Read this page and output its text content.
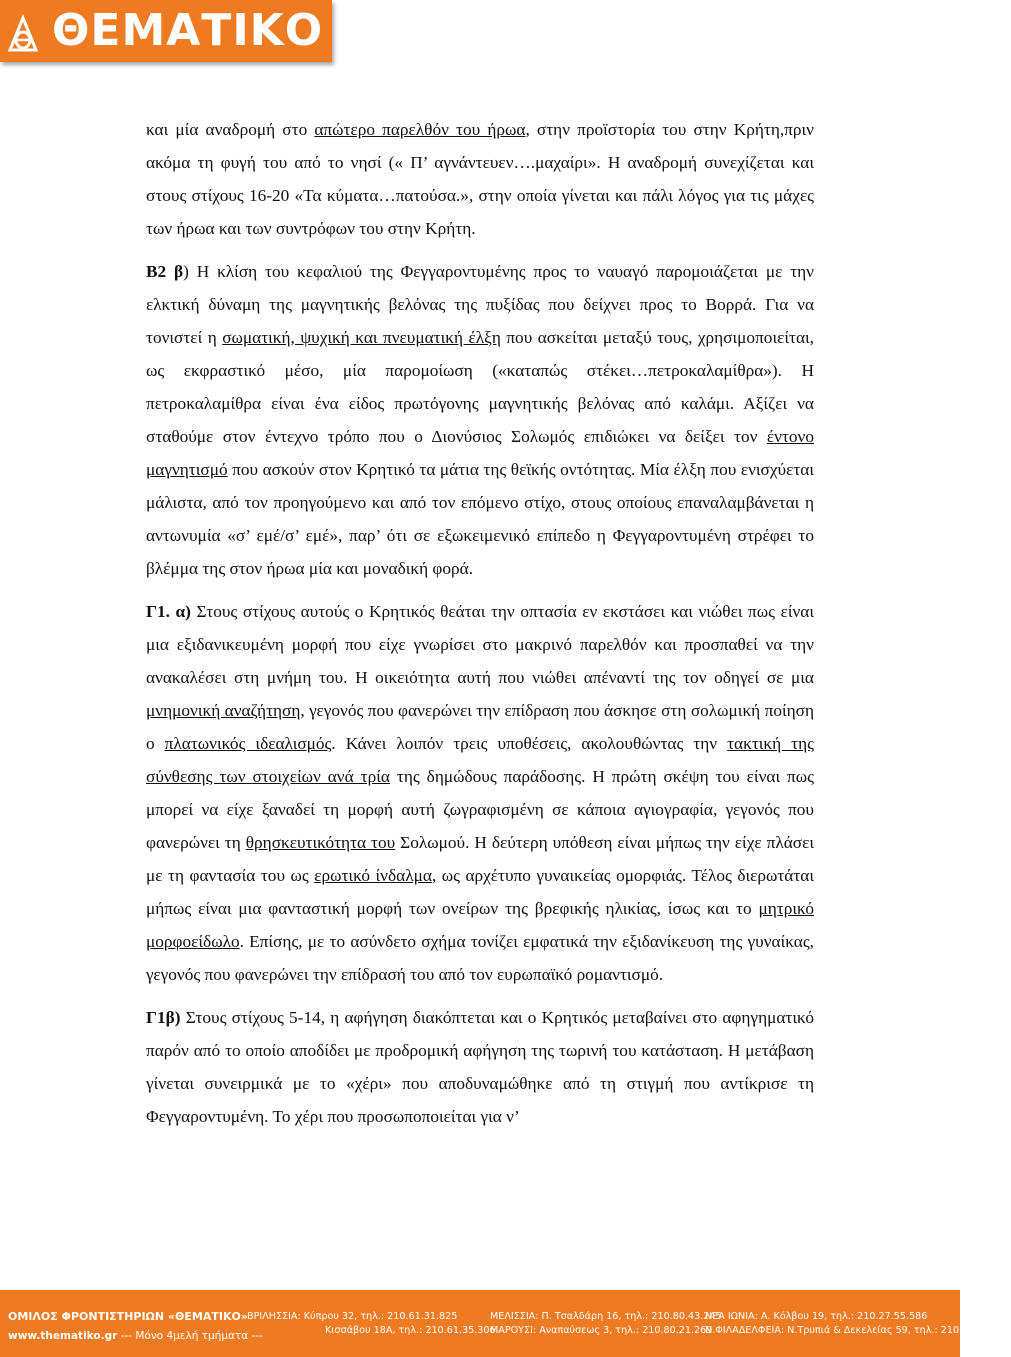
ΘΕΜΑΤΙΚΟ

και μία αναδρομή στο απώτερο παρελθόν του ήρωα, στην προϊστορία του στην Κρήτη,πριν ακόμα τη φυγή του από το νησί (« Π’ αγνάντευεν….μαχαίρι». Η αναδρομή συνεχίζεται και στους στίχους 16-20 «Τα κύματα…πατούσα.», στην οποία γίνεται και πάλι λόγος για τις μάχες των ήρωα και των συντρόφων του στην Κρήτη.

Β2 β) Η κλίση του κεφαλιού της Φεγγαροντυμένης προς το ναυαγό παρομοιάζεται με την ελκτική δύναμη της μαγνητικής βελόνας της πυξίδας που δείχνει προς το Βορρά. Για να τονιστεί η σωματική, ψυχική και πνευματική έλξη που ασκείται μεταξύ τους, χρησιμοποιείται, ως εκφραστικό μέσο, μία παρομοίωση («καταπώς στέκει…πετροκαλαμίθρα»). Η πετροκαλαμίθρα είναι ένα είδος πρωτόγονης μαγνητικής βελόνας από καλάμι. Αξίζει να σταθούμε στον έντεχνο τρόπο που ο Διονύσιος Σολωμός επιδιώκει να δείξει τον έντονο μαγνητισμό που ασκούν στον Κρητικό τα μάτια της θεϊκής οντότητας. Μία έλξη που ενισχύεται μάλιστα, από τον προηγούμενο και από τον επόμενο στίχο, στους οποίους επαναλαμβάνεται η αντωνυμία «σ’ εμέ/σ’ εμέ», παρ’ ότι σε εξωκειμενικό επίπεδο η Φεγγαροντυμένη στρέφει το βλέμμα της στον ήρωα μία και μοναδική φορά.

Γ1. α) Στους στίχους αυτούς ο Κρητικός θεάται την οπτασία εν εκστάσει και νιώθει πως είναι μια εξιδανικευμένη μορφή που είχε γνωρίσει στο μακρινό παρελθόν και προσπαθεί να την ανακαλέσει στη μνήμη του. Η οικειότητα αυτή που νιώθει απέναντί της τον οδηγεί σε μια μνημονική αναζήτηση, γεγονός που φανερώνει την επίδραση που άσκησε στη σολωμική ποίηση ο πλατωνικός ιδεαλισμός. Κάνει λοιπόν τρεις υποθέσεις, ακολουθώντας την τακτική της σύνθεσης των στοιχείων ανά τρία της δημώδους παράδοσης. Η πρώτη σκέψη του είναι πως μπορεί να είχε ξαναδεί τη μορφή αυτή ζωγραφισμένη σε κάποια αγιογραφία, γεγονός που φανερώνει τη θρησκευτικότητα του Σολωμού. Η δεύτερη υπόθεση είναι μήπως την είχε πλάσει με τη φαντασία του ως ερωτικό ίνδαλμα, ως αρχέτυπο γυναικείας ομορφιάς. Τέλος διερωτάται μήπως είναι μια φανταστική μορφή των ονείρων της βρεφικής ηλικίας, ίσως και το μητρικό μορφοείδωλο. Επίσης, με το ασύνδετο σχήμα τονίζει εμφατικά την εξιδανίκευση της γυναίκας, γεγονός που φανερώνει την επίδρασή του από τον ευρωπαϊκό ρομαντισμό.

Γ1β) Στους στίχους 5-14, η αφήγηση διακόπτεται και ο Κρητικός μεταβαίνει στο αφηγηματικό παρόν από το οποίο αποδίδει με προδρομική αφήγηση της τωρινή του κατάσταση. Η μετάβαση γίνεται συνειρμικά με το «χέρι» που αποδυναμώθηκε από τη στιγμή που αντίκρισε τη Φεγγαροντυμένη. Το χέρι που προσωποποιείται για ν’

ΟΜΙΛΟΣ ΦΡΟΝΤΙΣΤΗΡΙΩΝ «ΘΕΜΑΤΙΚΟ»
www.thematiko.gr --- Μόνο 4μελή τμήματα ---
ΒΡΙΛΗΣΣΙΑ: Κύπρου 32, τηλ.: 210.61.31.825
Κισσάβου 18Α, τηλ.: 210.61.35.306
ΜΕΛΙΣΣΙΑ: Π. Τσαλδάρη 16, τηλ.: 210.80.43.245
ΜΑΡΟΥΣΙ: Αναπαύσεως 3, τηλ.: 210.80.21.269
ΝΕΑ ΙΩΝΙΑ: Α. Κόλβου 19, τηλ.: 210.27.55.586
Ν.ΦΙΛΑΔΕΛΦΕΙΑ: Ν.Τρυπιά & Δεκελείας 59, τηλ.: 210.25.82.230
